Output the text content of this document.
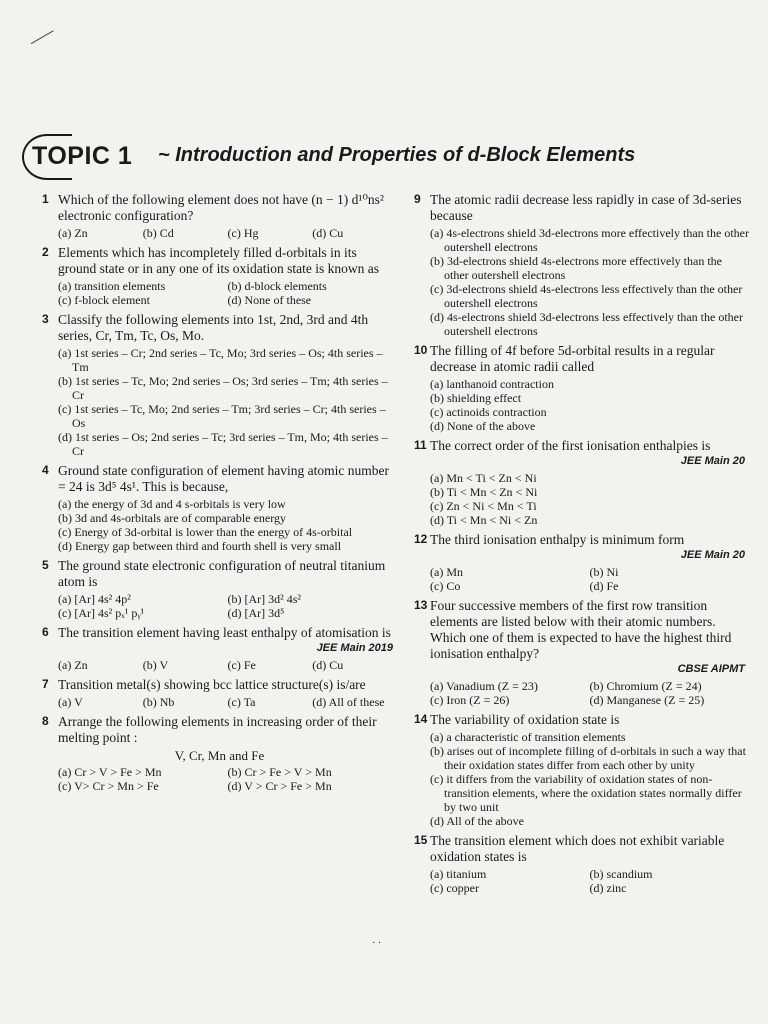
TOPIC 1 ~ Introduction and Properties of d-Block Elements
1 Which of the following element does not have (n − 1) d¹⁰ns² electronic configuration?
(a) Zn	(b) Cd	(c) Hg	(d) Cu
2 Elements which has incompletely filled d-orbitals in its ground state or in any one of its oxidation state is known as
(a) transition elements	(b) d-block elements
(c) f-block element	(d) None of these
3 Classify the following elements into 1st, 2nd, 3rd and 4th series, Cr, Tm, Tc, Os, Mo.
(a) 1st series – Cr; 2nd series – Tc, Mo; 3rd series – Os; 4th series – Tm
(b) 1st series – Tc, Mo; 2nd series – Os; 3rd series – Tm; 4th series – Cr
(c) 1st series – Tc, Mo; 2nd series – Tm; 3rd series – Cr; 4th series – Os
(d) 1st series – Os; 2nd series – Tc; 3rd series – Tm, Mo; 4th series – Cr
4 Ground state configuration of element having atomic number = 24 is 3d⁵ 4s¹. This is because,
(a) the energy of 3d and 4 s-orbitals is very low
(b) 3d and 4s-orbitals are of comparable energy
(c) Energy of 3d-orbital is lower than the energy of 4s-orbital
(d) Energy gap between third and fourth shell is very small
5 The ground state electronic configuration of neutral titanium atom is
(a) [Ar] 4s² 4p²	(b) [Ar] 3d² 4s²
(c) [Ar] 4s² pₓ¹ pᵧ¹	(d) [Ar] 3d⁵
6 The transition element having least enthalpy of atomisation is
JEE Main 2019
(a) Zn	(b) V	(c) Fe	(d) Cu
7 Transition metal(s) showing bcc lattice structure(s) is/are
(a) V	(b) Nb	(c) Ta	(d) All of these
8 Arrange the following elements in increasing order of their melting point :
V, Cr, Mn and Fe
(a) Cr > V > Fe > Mn	(b) Cr > Fe > V > Mn
(c) V> Cr > Mn > Fe	(d) V > Cr > Fe > Mn
9 The atomic radii decrease less rapidly in case of 3d-series because
(a) 4s-electrons shield 3d-electrons more effectively than the other outershell electrons
(b) 3d-electrons shield 4s-electrons more effectively than the other outershell electrons
(c) 3d-electrons shield 4s-electrons less effectively than the other outershell electrons
(d) 4s-electrons shield 3d-electrons less effectively than the other outershell electrons
10 The filling of 4f before 5d-orbital results in a regular decrease in atomic radii called
(a) lanthanoid contraction
(b) shielding effect
(c) actinoids contraction
(d) None of the above
11 The correct order of the first ionisation enthalpies is
JEE Main 20
(a) Mn < Ti < Zn < Ni
(b) Ti < Mn < Zn < Ni
(c) Zn < Ni < Mn < Ti
(d) Ti < Mn < Ni < Zn
12 The third ionisation enthalpy is minimum form
JEE Main 20
(a) Mn	(b) Ni
(c) Co	(d) Fe
13 Four successive members of the first row transition elements are listed below with their atomic numbers. Which one of them is expected to have the highest third ionisation enthalpy?
CBSE AIPMT
(a) Vanadium (Z = 23)	(b) Chromium (Z = 24)
(c) Iron (Z = 26)	(d) Manganese (Z = 25)
14 The variability of oxidation state is
(a) a characteristic of transition elements
(b) arises out of incomplete filling of d-orbitals in such a way that their oxidation states differ from each other by unity
(c) it differs from the variability of oxidation states of non-transition elements, where the oxidation states normally differ by two unit
(d) All of the above
15 The transition element which does not exhibit variable oxidation states is
(a) titanium	(b) scandium
(c) copper	(d) zinc
· ·
